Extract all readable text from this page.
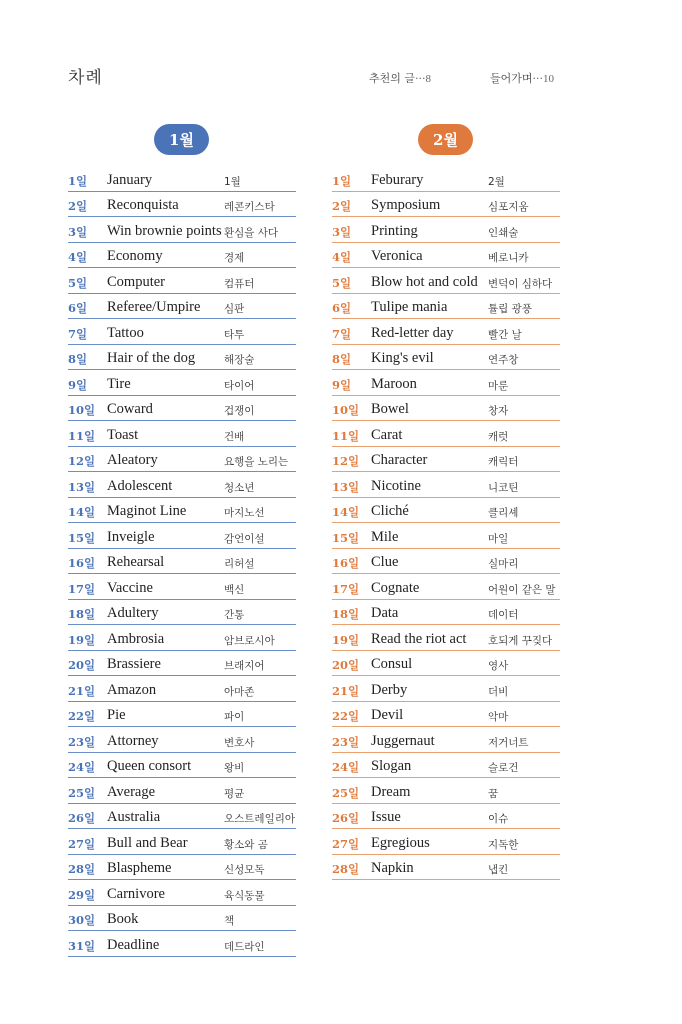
차례	추천의 글···8	들어가며···10
1월	2월
1일	January	1월
2일	Reconquista	레콘키스타
3일	Win brownie points 환심을 사다
4일	Economy	경제
5일	Computer	컴퓨터
6일	Referee/Umpire	심판
7일	Tattoo	타투
8일	Hair of the dog	해장술
9일	Tire	타이어
10일 Coward	겁쟁이
11일 Toast	건배
12일 Aleatory	요행을 노리는
13일 Adolescent	청소년
14일 Maginot Line	마지노선
15일 Inveigle	감언이설
16일 Rehearsal	리허설
17일 Vaccine	백신
18일 Adultery	간통
19일 Ambrosia	암브로시아
20일 Brassiere	브래지어
21일 Amazon	아마존
22일 Pie	파이
23일 Attorney	변호사
24일 Queen consort	왕비
25일 Average	평균
26일 Australia	오스트레일리아
27일 Bull and Bear	황소와 곰
28일 Blaspheme	신성모독
29일 Carnivore	육식동물
30일 Book	책
31일 Deadline	데드라인
1일	Feburary	2월
2일	Symposium	심포지움
3일	Printing	인쇄술
4일	Veronica	베로니카
5일	Blow hot and cold 변덕이 심하다
6일	Tulipe mania	튤립 광풍
7일	Red-letter day	빨간 날
8일	King's evil	연주창
9일	Maroon	마룬
10일 Bowel	창자
11일 Carat	캐럿
12일 Character	캐릭터
13일 Nicotine	니코틴
14일 Cliché	클리셰
15일 Mile	마일
16일 Clue	실마리
17일 Cognate	어원이 같은 말
18일 Data	데이터
19일 Read the riot act	호되게 꾸짖다
20일 Consul	영사
21일 Derby	더비
22일 Devil	악마
23일 Juggernaut	저거너트
24일 Slogan	슬로건
25일 Dream	꿈
26일 Issue	이슈
27일 Egregious	지독한
28일 Napkin	냅킨
